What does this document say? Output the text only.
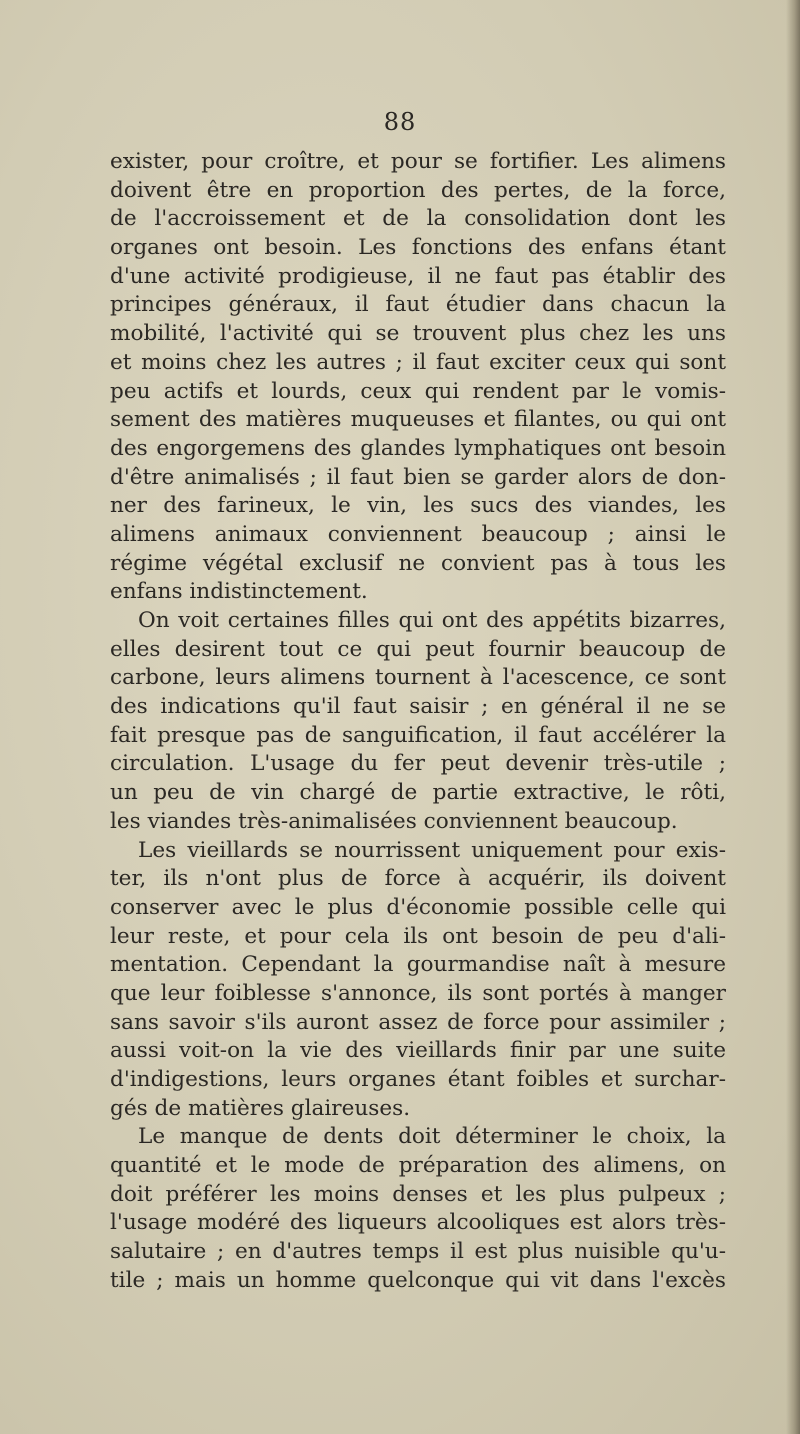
88
exister, pour croître, et pour se fortifier. Les alimens
doivent être en proportion des pertes, de la force,
de l'accroissement et de la consolidation dont les
organes ont besoin. Les fonctions des enfans étant
d'une activité prodigieuse, il ne faut pas établir des
principes généraux, il faut étudier dans chacun la
mobilité, l'activité qui se trouvent plus chez les uns
et moins chez les autres ; il faut exciter ceux qui sont
peu actifs et lourds, ceux qui rendent par le vomis-
sement des matières muqueuses et filantes, ou qui ont
des engorgemens des glandes lymphatiques ont besoin
d'être animalisés ; il faut bien se garder alors de don-
ner des farineux, le vin, les sucs des viandes, les
alimens animaux conviennent beaucoup ; ainsi le
régime végétal exclusif ne convient pas à tous les
enfans indistinctement.
On voit certaines filles qui ont des appétits bizarres,
elles desirent tout ce qui peut fournir beaucoup de
carbone, leurs alimens tournent à l'acescence, ce sont
des indications qu'il faut saisir ; en général il ne se
fait presque pas de sanguification, il faut accélérer la
circulation. L'usage du fer peut devenir très-utile ;
un peu de vin chargé de partie extractive, le rôti,
les viandes très-animalisées conviennent beaucoup.
Les vieillards se nourrissent uniquement pour exis-
ter, ils n'ont plus de force à acquérir, ils doivent
conserver avec le plus d'économie possible celle qui
leur reste, et pour cela ils ont besoin de peu d'ali-
mentation. Cependant la gourmandise naît à mesure
que leur foiblesse s'annonce, ils sont portés à manger
sans savoir s'ils auront assez de force pour assimiler ;
aussi voit-on la vie des vieillards finir par une suite
d'indigestions, leurs organes étant foibles et surchar-
gés de matières glaireuses.
Le manque de dents doit déterminer le choix, la
quantité et le mode de préparation des alimens, on
doit préférer les moins denses et les plus pulpeux ;
l'usage modéré des liqueurs alcooliques est alors très-
salutaire ; en d'autres temps il est plus nuisible qu'u-
tile ; mais un homme quelconque qui vit dans l'excès
